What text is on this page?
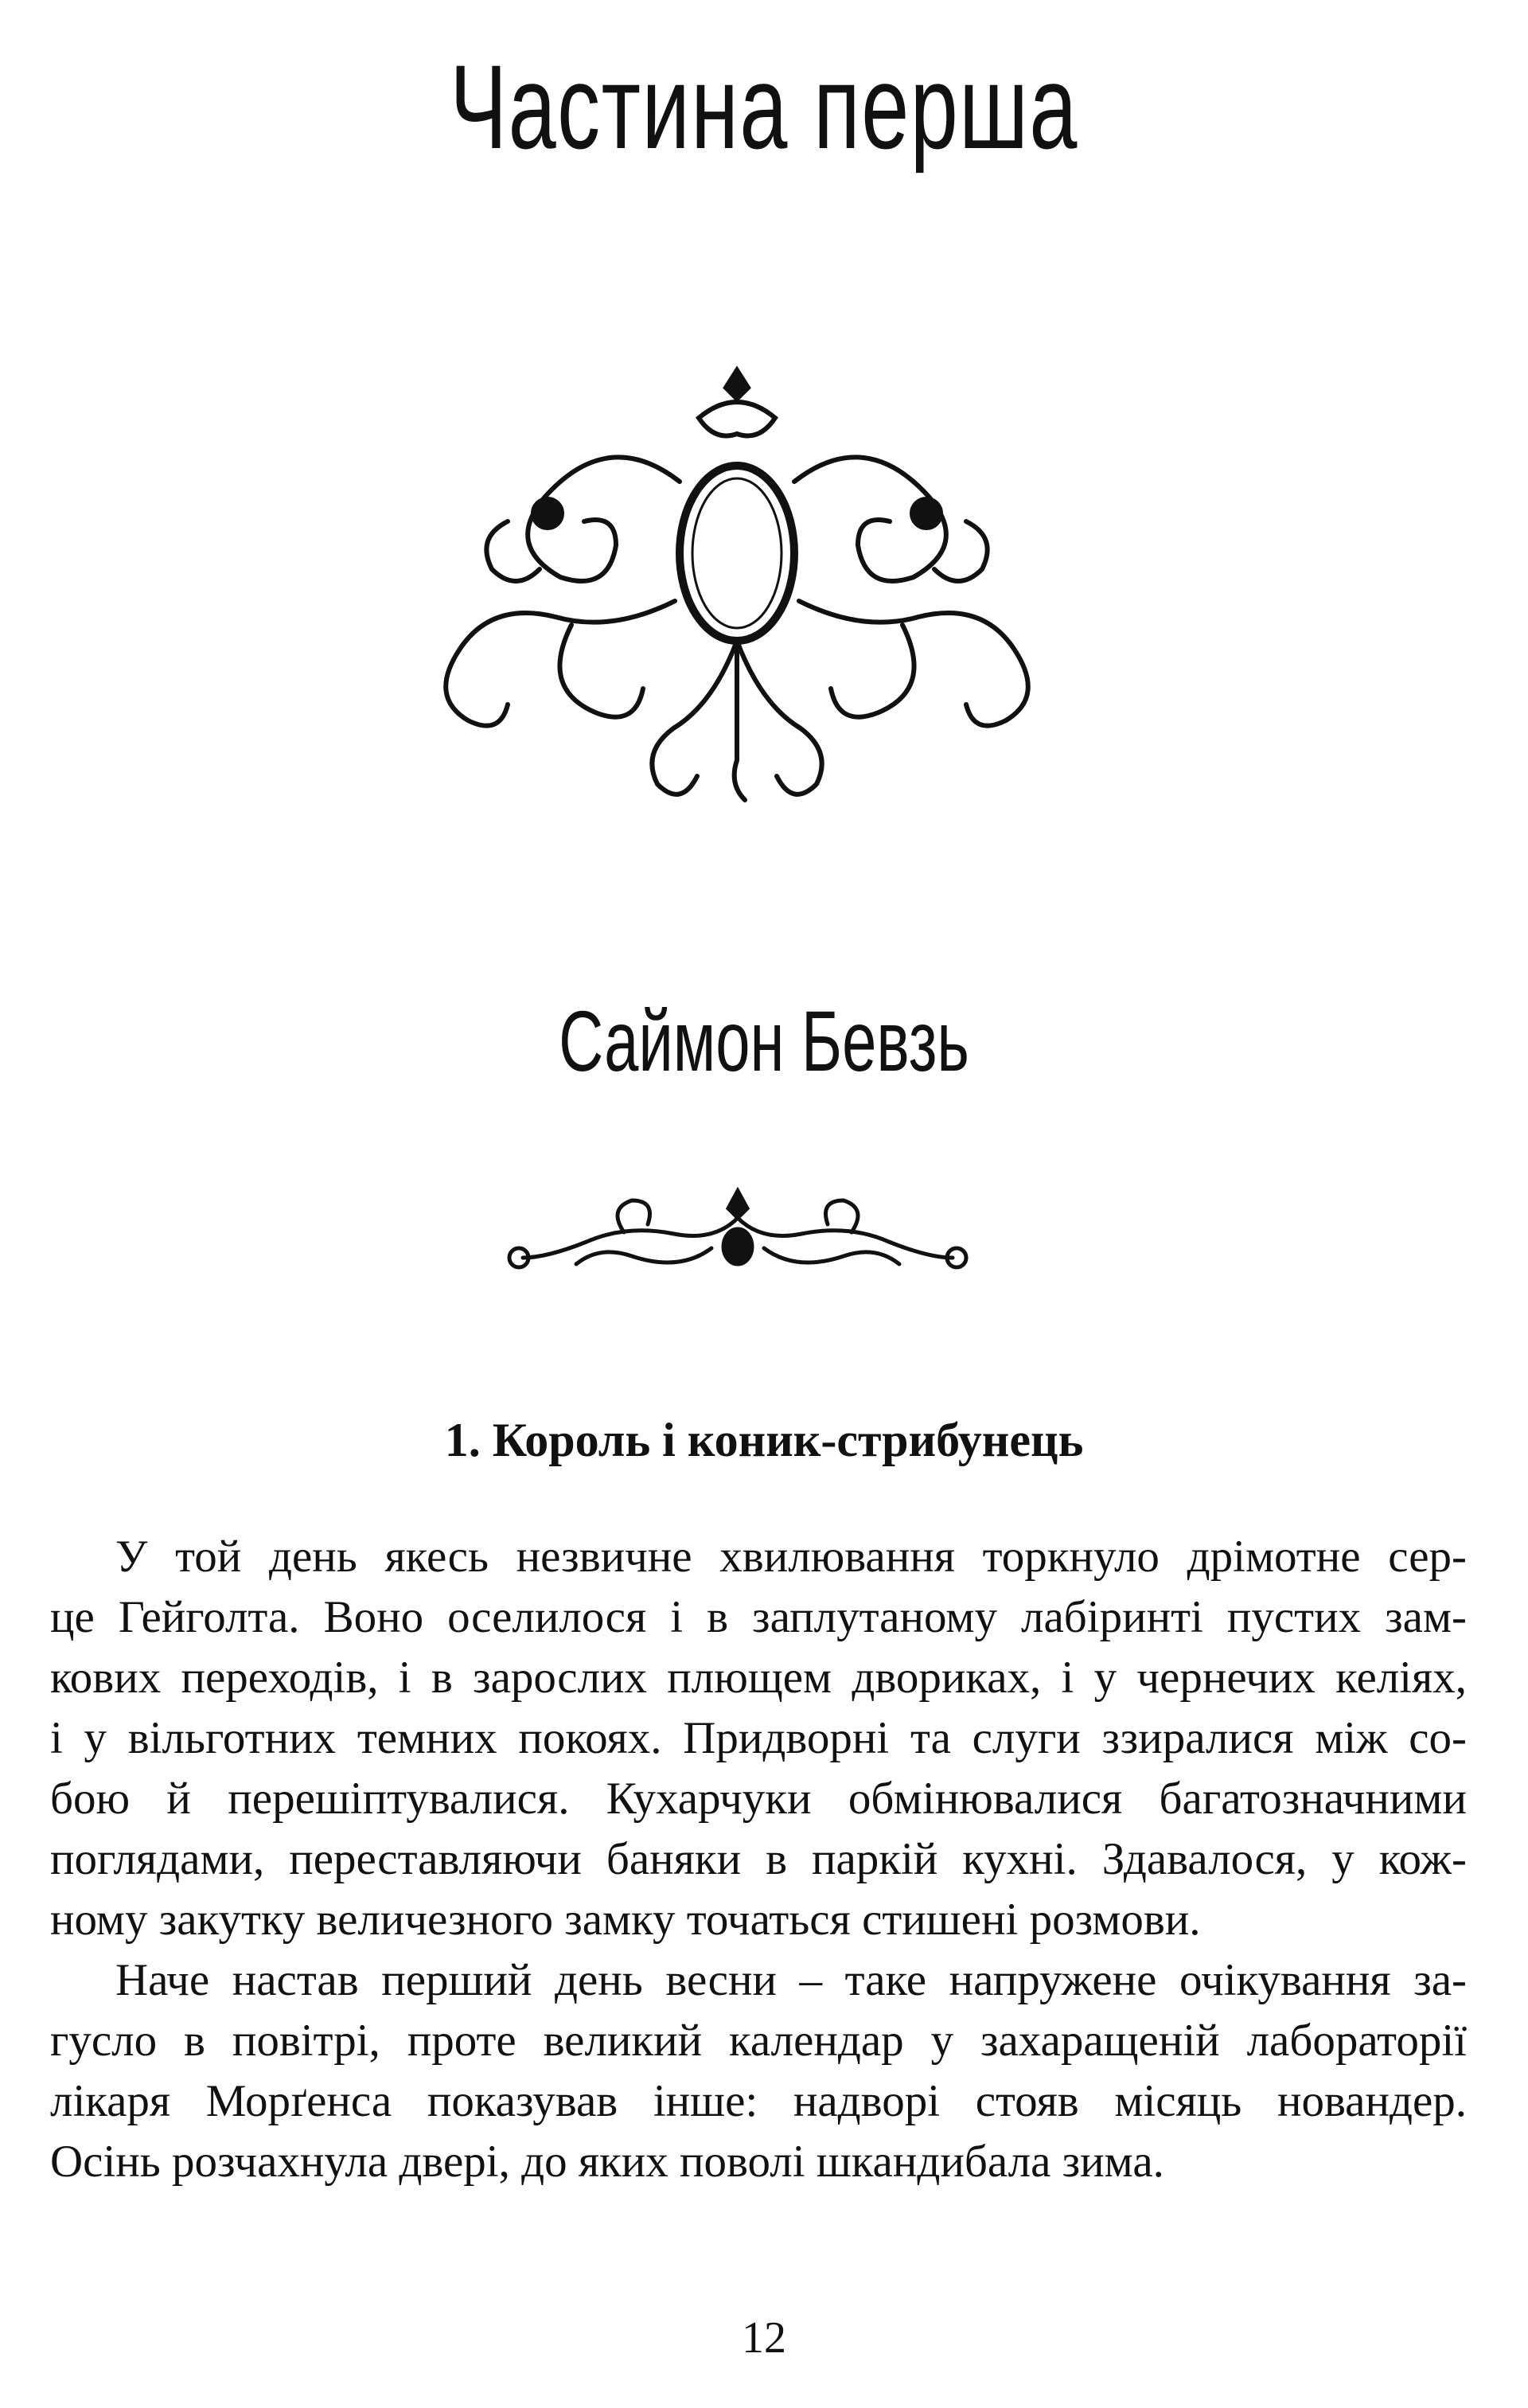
Частина перша
Саймон Бевзь
1. Король і коник-стрибунець
У той день якесь незвичне хвилювання торкнуло дрімотне сер-
це Гейголта. Воно оселилося і в заплутаному лабіринті пустих зам-
кових переходів, і в зарослих плющем двориках, і у чернечих келіях,
і у вільготних темних покоях. Придворні та слуги ззиралися між со-
бою й перешіптувалися. Кухарчуки обмінювалися багатозначними
поглядами, переставляючи баняки в паркій кухні. Здавалося, у кож-
ному закутку величезного замку точаться стишені розмови.
Наче настав перший день весни – таке напружене очікування за-
гусло в повітрі, проте великий календар у захаращеній лабораторії
лікаря Морґенса показував інше: надворі стояв місяць новандер.
Осінь розчахнула двері, до яких поволі шкандибала зима.
12
